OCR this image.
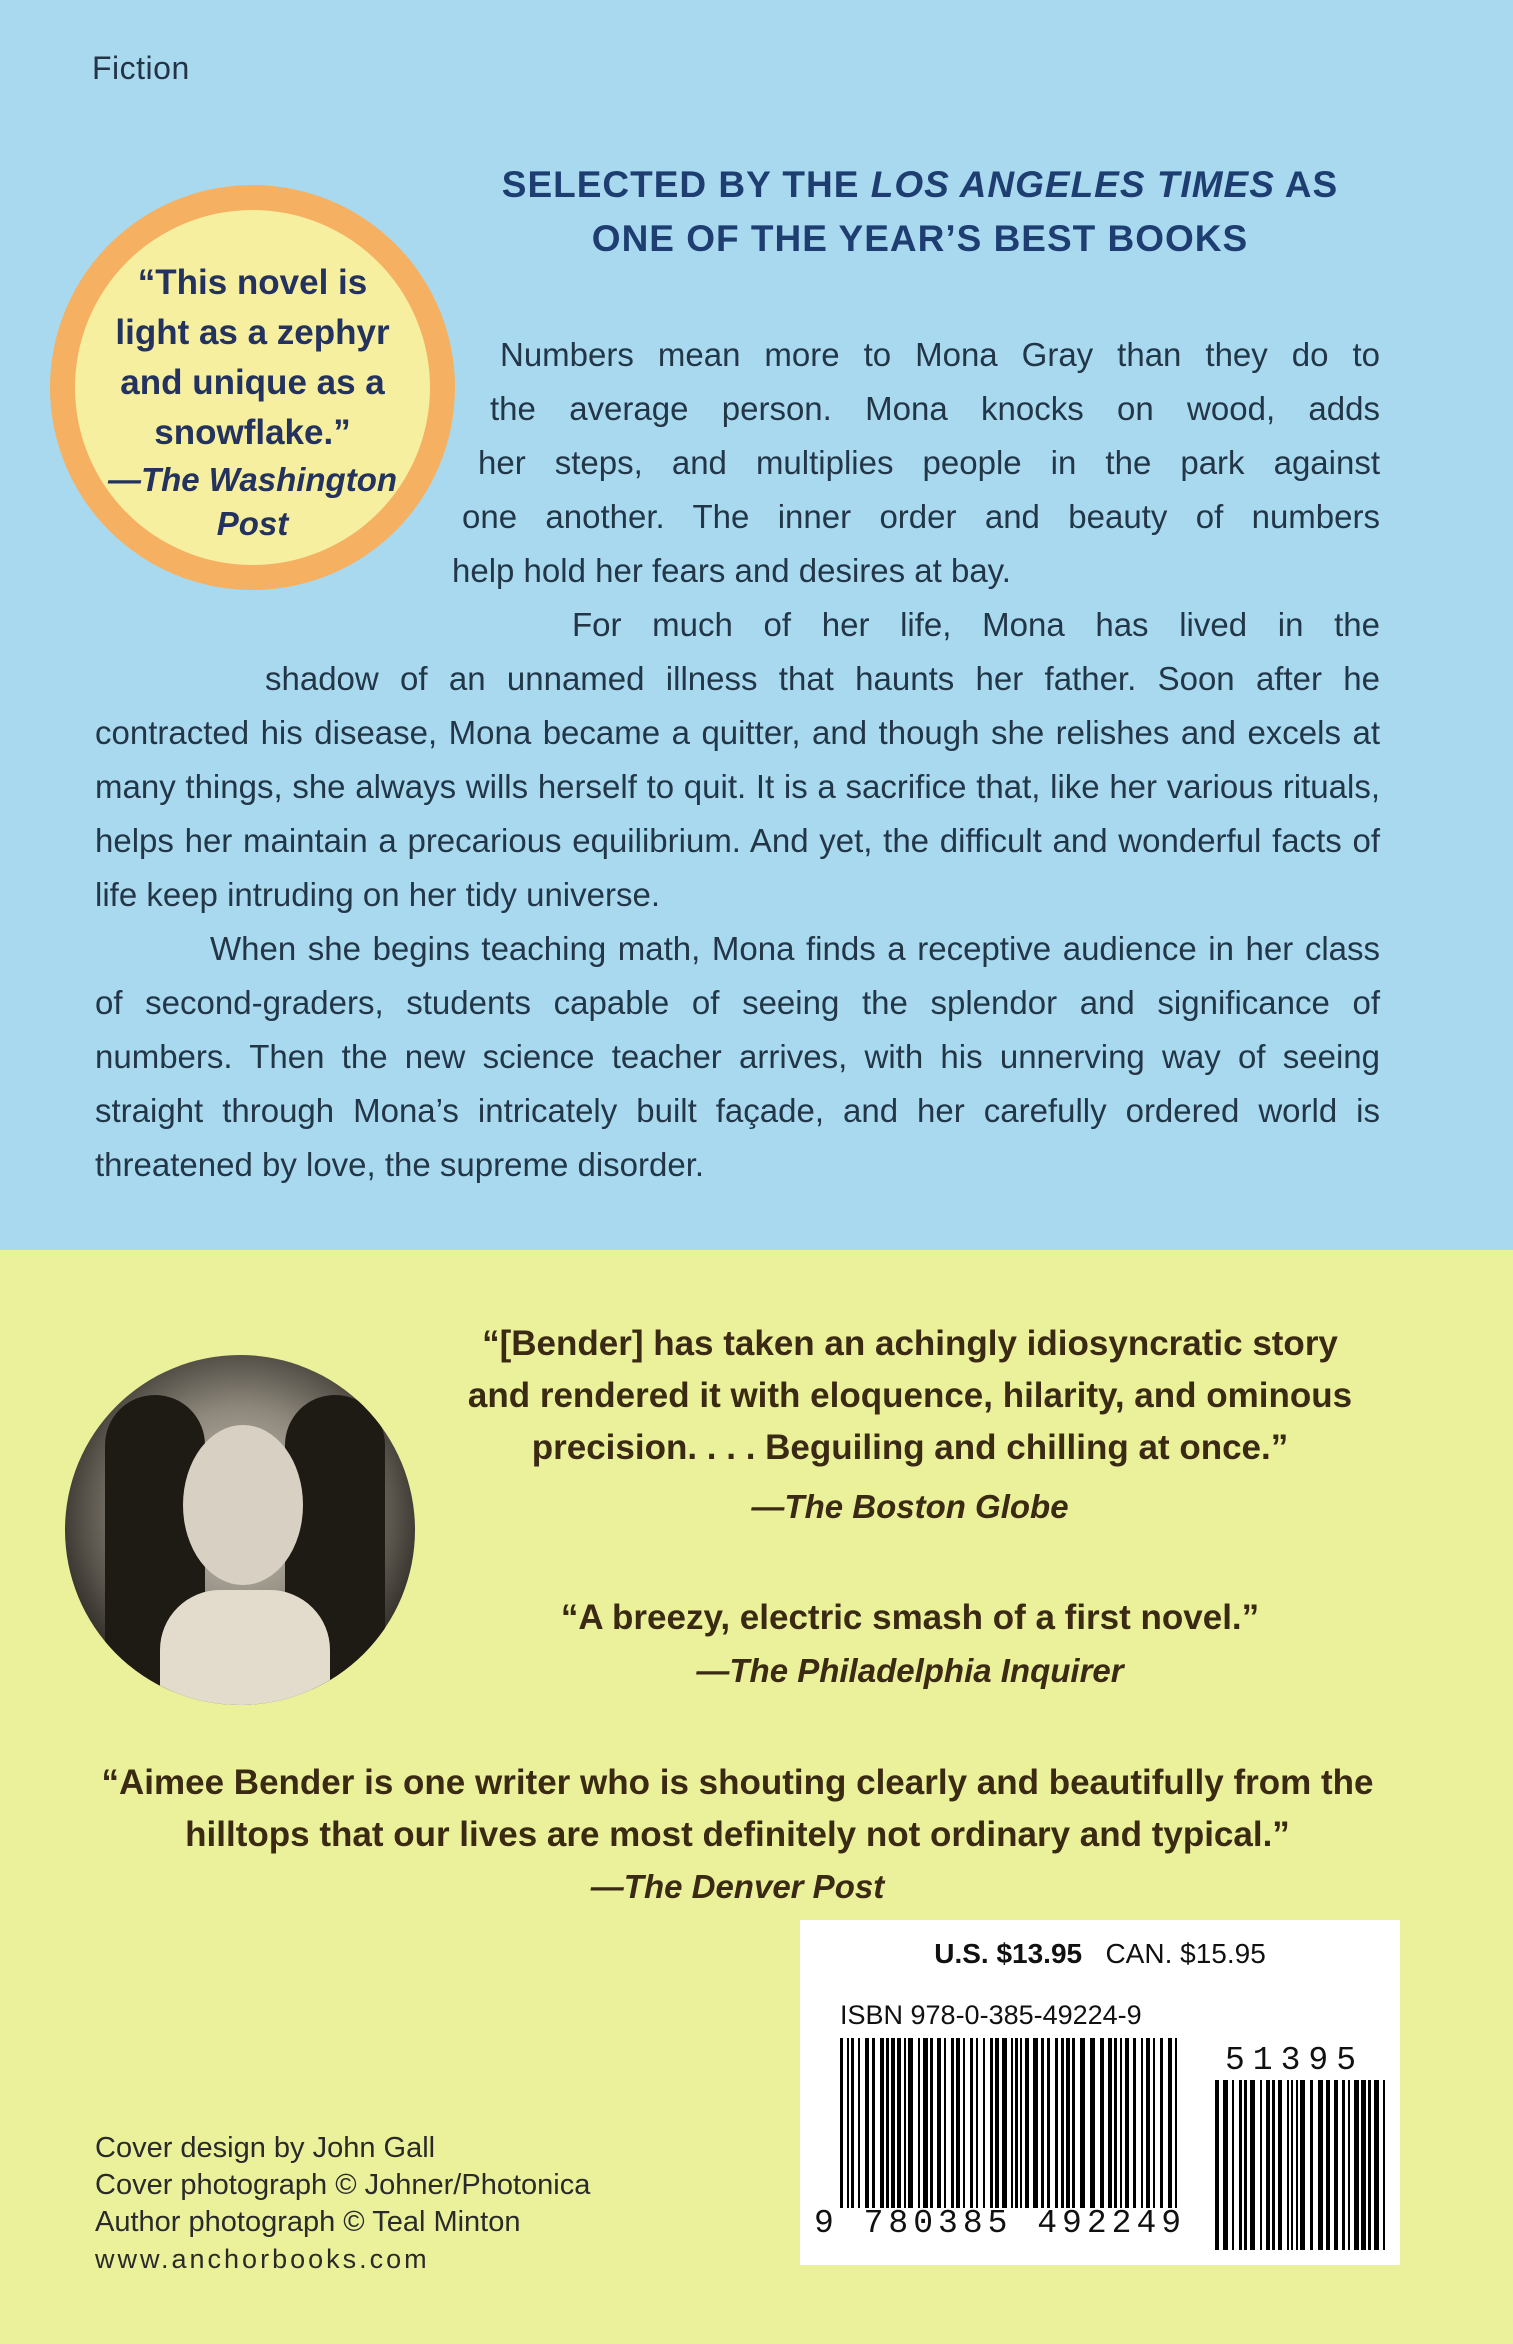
Fiction
“This novel is
light as a zephyr
and unique as a
snowflake.”
—The Washington
Post
SELECTED BY THE LOS ANGELES TIMES AS
ONE OF THE YEAR’S BEST BOOKS
Numbers mean more to Mona Gray than they do to
the average person. Mona knocks on wood, adds
her steps, and multiplies people in the park against
one another. The inner order and beauty of numbers
help hold her fears and desires at bay.
For much of her life, Mona has lived in the
shadow of an unnamed illness that haunts her father. Soon after he
contracted his disease, Mona became a quitter, and though she relishes and excels at many things, she always wills herself to quit. It is a sacrifice that, like her various rituals, helps her maintain a precarious equilibrium. And yet, the difficult and wonderful facts of life keep intruding on her tidy universe.
When she begins teaching math, Mona finds a receptive audience in her class of second-graders, students capable of seeing the splendor and significance of numbers. Then the new science teacher arrives, with his unnerving way of seeing straight through Mona’s intricately built façade, and her carefully ordered world is threatened by love, the supreme disorder.
“[Bender] has taken an achingly idiosyncratic story and rendered it with eloquence, hilarity, and ominous precision. . . . Beguiling and chilling at once.”
—The Boston Globe
“A breezy, electric smash of a first novel.”
—The Philadelphia Inquirer
“Aimee Bender is one writer who is shouting clearly and beautifully from the hilltops that our lives are most definitely not ordinary and typical.”
—The Denver Post
U.S. $13.95 CAN. $15.95
ISBN 978-0-385-49224-9
9 780385 492249
51395
Cover design by John Gall
Cover photograph © Johner/Photonica
Author photograph © Teal Minton
www.anchorbooks.com
